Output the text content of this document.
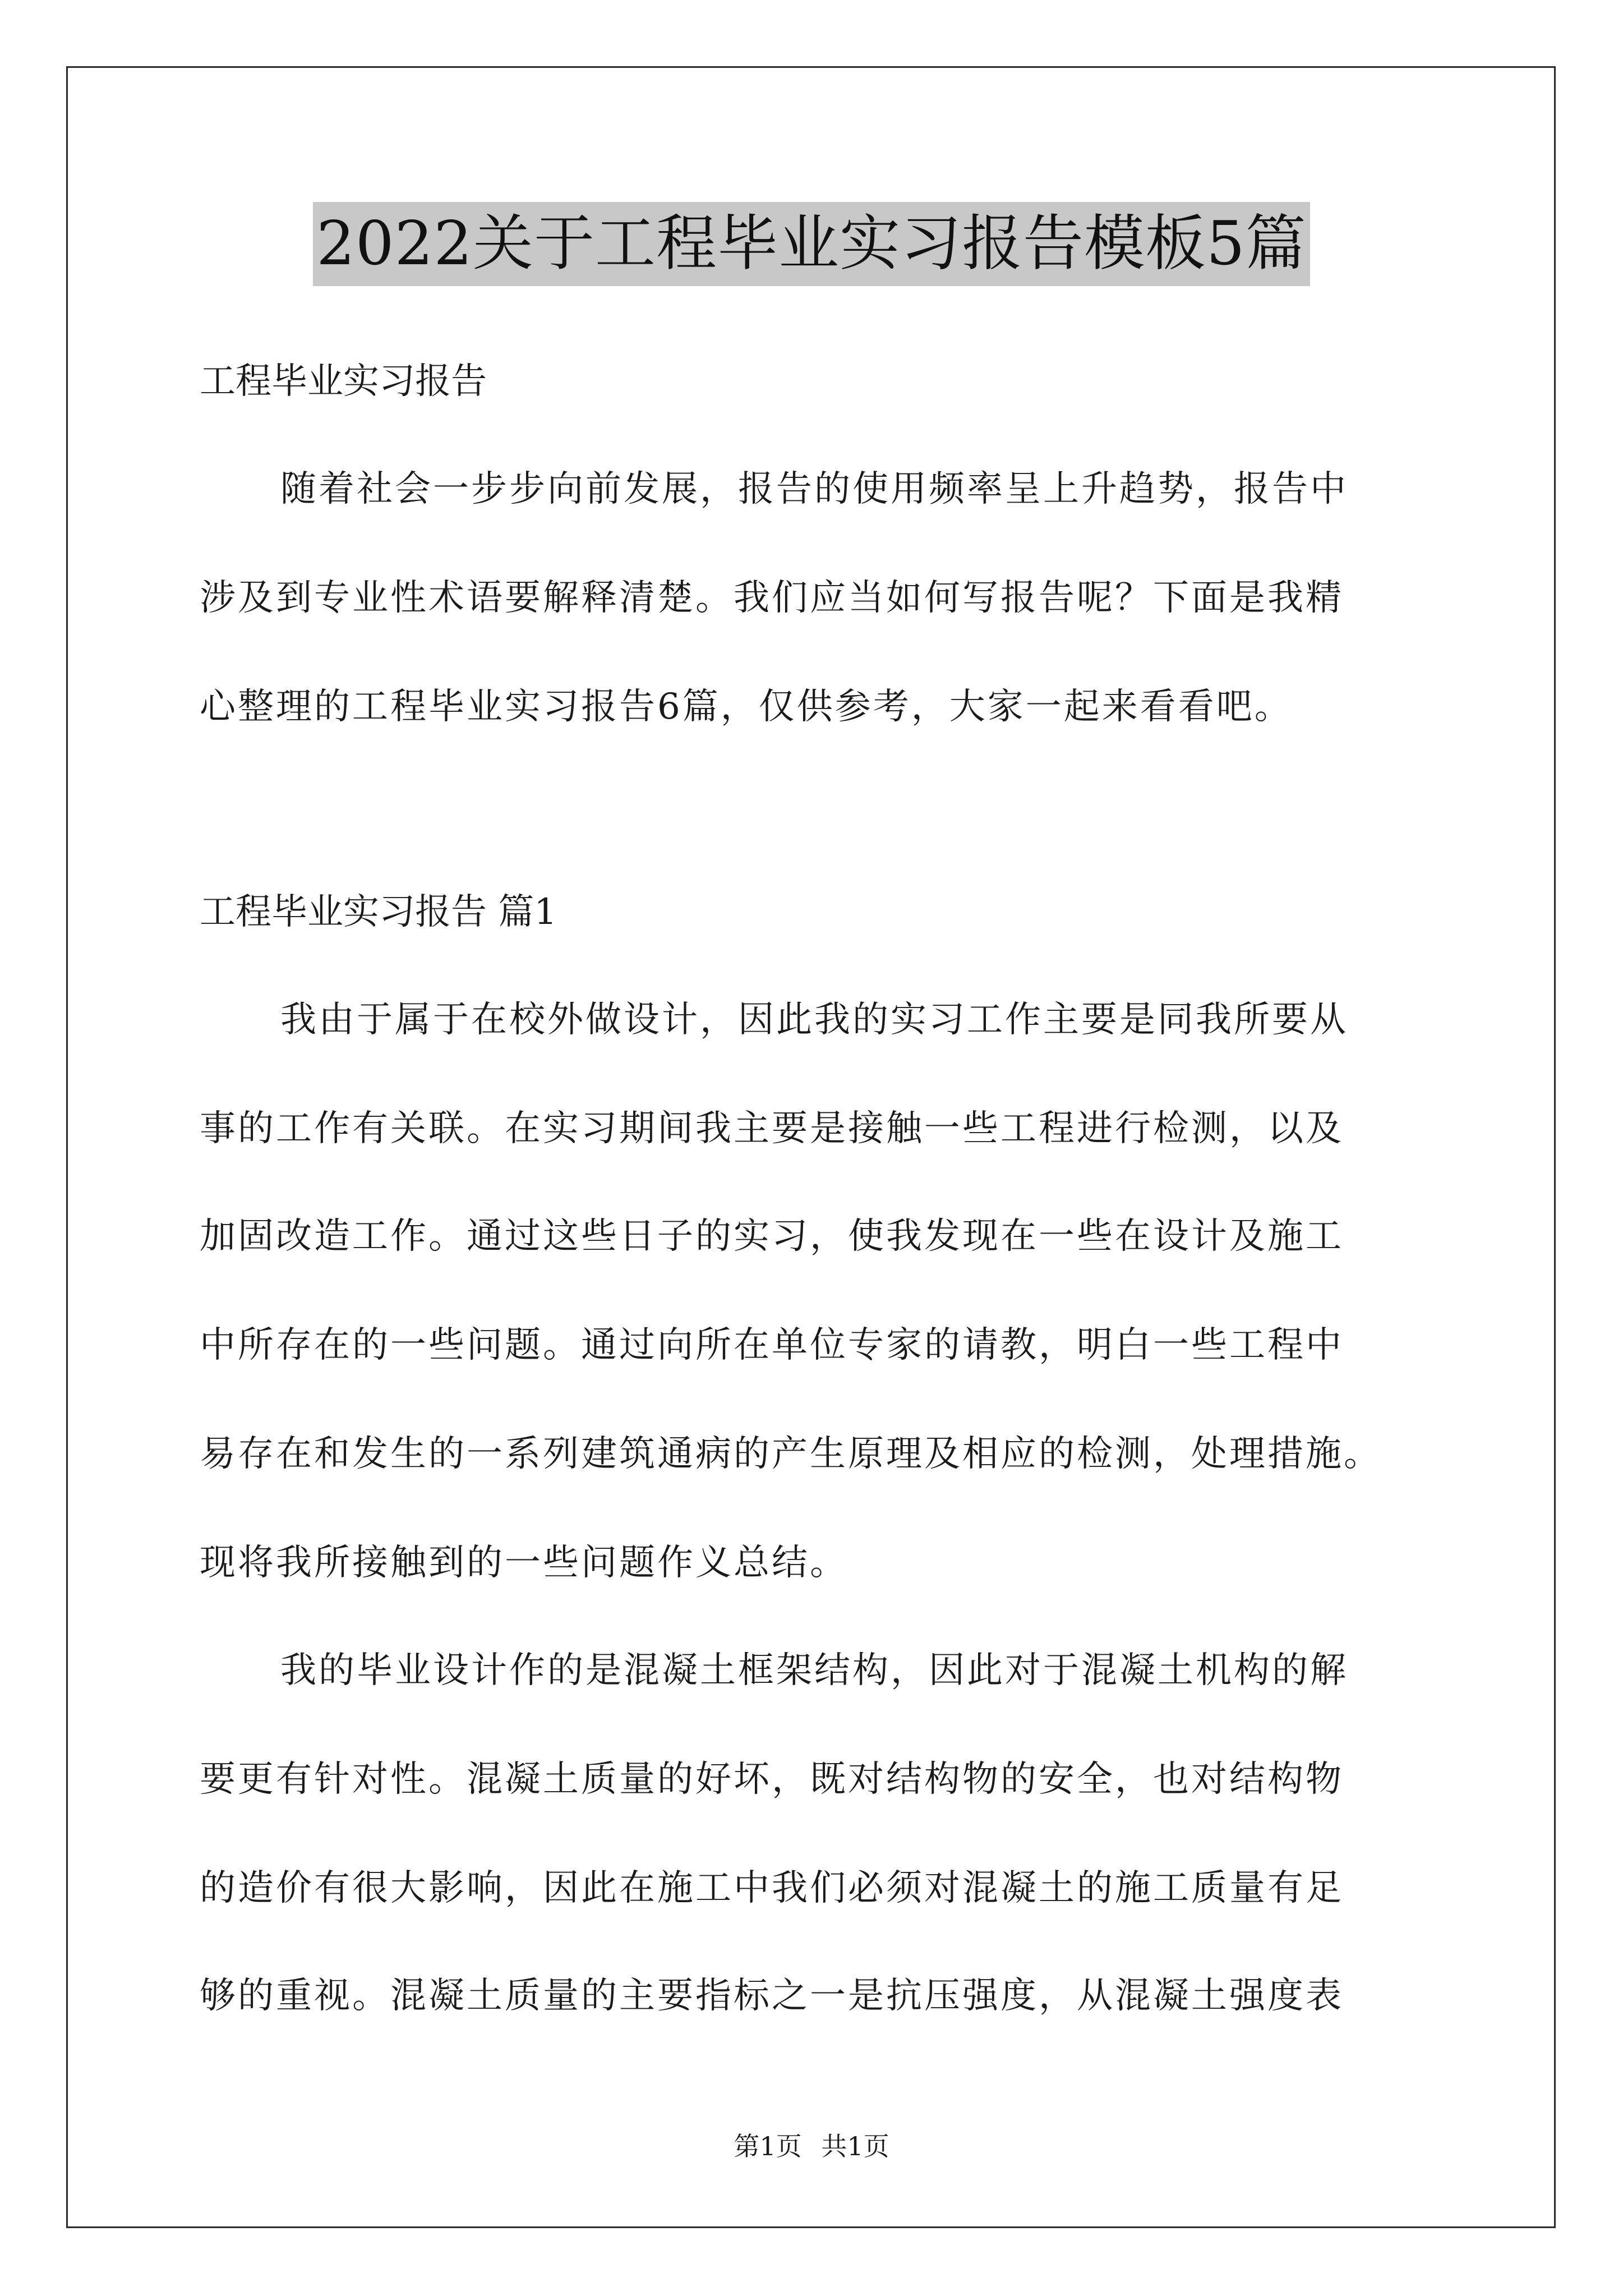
2022关于工程毕业实习报告模板5篇
工程毕业实习报告
随着社会一步步向前发展，报告的使用频率呈上升趋势，报告中
涉及到专业性术语要解释清楚。我们应当如何写报告呢？下面是我精
心整理的工程毕业实习报告6篇，仅供参考，大家一起来看看吧。
工程毕业实习报告 篇1
我由于属于在校外做设计，因此我的实习工作主要是同我所要从
事的工作有关联。在实习期间我主要是接触一些工程进行检测，以及
加固改造工作。通过这些日子的实习，使我发现在一些在设计及施工
中所存在的一些问题。通过向所在单位专家的请教，明白一些工程中
易存在和发生的一系列建筑通病的产生原理及相应的检测，处理措施。
现将我所接触到的一些问题作义总结。
我的毕业设计作的是混凝土框架结构，因此对于混凝土机构的解
要更有针对性。混凝土质量的好坏，既对结构物的安全，也对结构物
的造价有很大影响，因此在施工中我们必须对混凝土的施工质量有足
够的重视。混凝土质量的主要指标之一是抗压强度，从混凝土强度表
第1页 共1页
